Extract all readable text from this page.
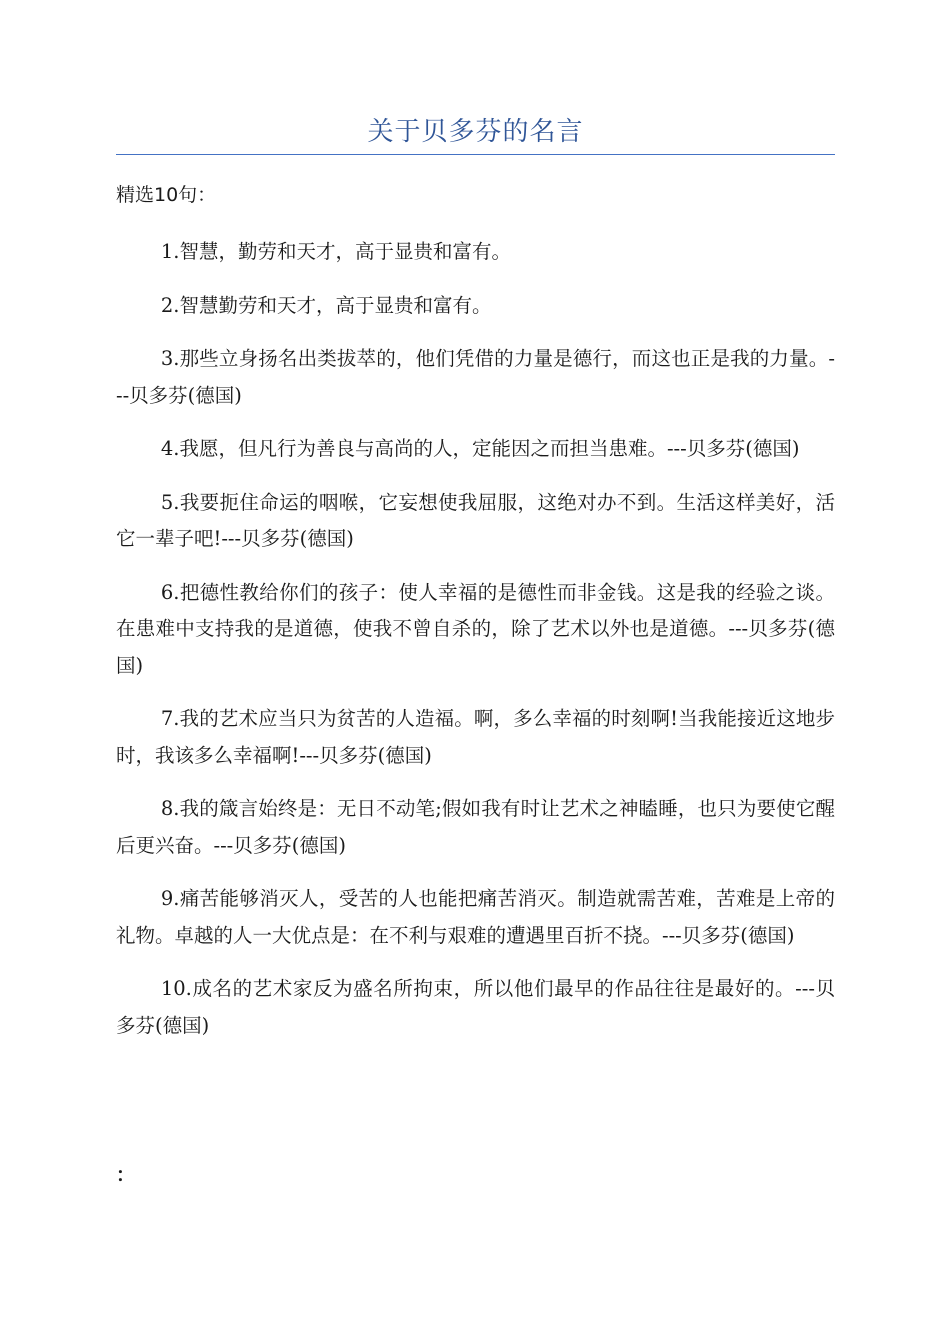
关于贝多芬的名言
精选10句：
1.智慧，勤劳和天才，高于显贵和富有。
2.智慧勤劳和天才，高于显贵和富有。
3.那些立身扬名出类拔萃的，他们凭借的力量是德行，而这也正是我的力量。---贝多芬(德国)
4.我愿，但凡行为善良与高尚的人，定能因之而担当患难。---贝多芬(德国)
5.我要扼住命运的咽喉，它妄想使我屈服，这绝对办不到。生活这样美好，活它一辈子吧!---贝多芬(德国)
6.把德性教给你们的孩子：使人幸福的是德性而非金钱。这是我的经验之谈。在患难中支持我的是道德，使我不曾自杀的，除了艺术以外也是道德。---贝多芬(德国)
7.我的艺术应当只为贫苦的人造福。啊，多么幸福的时刻啊!当我能接近这地步时，我该多么幸福啊!---贝多芬(德国)
8.我的箴言始终是：无日不动笔;假如我有时让艺术之神瞌睡，也只为要使它醒后更兴奋。---贝多芬(德国)
9.痛苦能够消灭人，受苦的人也能把痛苦消灭。制造就需苦难，苦难是上帝的礼物。卓越的人一大优点是：在不利与艰难的遭遇里百折不挠。---贝多芬(德国)
10.成名的艺术家反为盛名所拘束，所以他们最早的作品往往是最好的。---贝多芬(德国)
：
